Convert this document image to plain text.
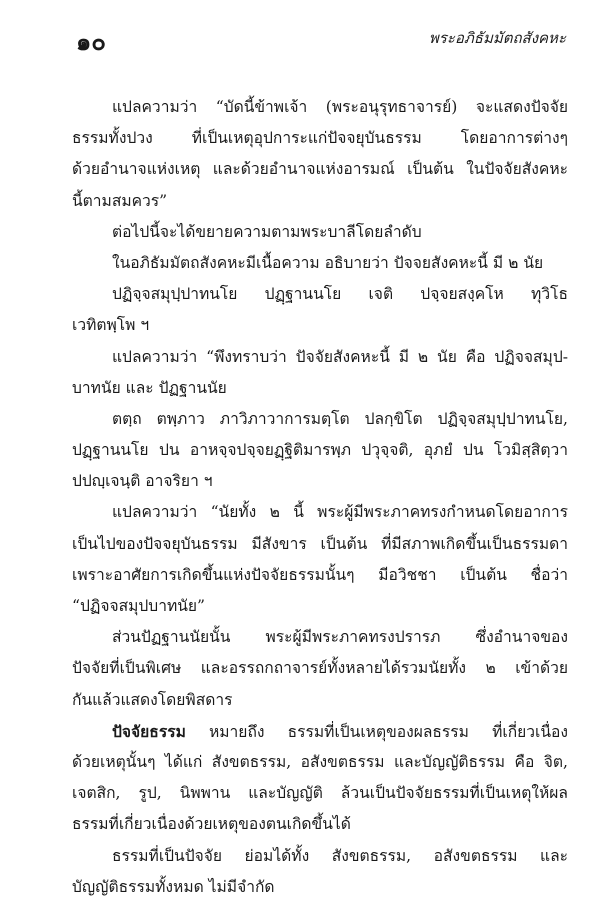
๑๐	พระอภิธัมมัตถสังคหะ
แปลความว่า “บัดนี้ข้าพเจ้า (พระอนุรุทธาจารย์) จะแสดงปัจจัย
ธรรมทั้งปวง ที่เป็นเหตุอุปการะแก่ปัจจยุบันธรรม โดยอาการต่างๆ
ด้วยอำนาจแห่งเหตุ และด้วยอำนาจแห่งอารมณ์ เป็นต้น ในปัจจัยสังคหะ
นี้ตามสมควร”
ต่อไปนี้จะได้ขยายความตามพระบาลีโดยลำดับ
ในอภิธัมมัตถสังคหะมีเนื้อความ อธิบายว่า ปัจจยสังคหะนี้ มี ๒ นัย
ปฏิจฺจสมุปฺปาทนโย ปฏฺฐานนโย เจติ ปจฺจยสงฺคโห ทุวิโธ
เวทิตพฺโพ ฯ
แปลความว่า “พึงทราบว่า ปัจจัยสังคหะนี้ มี ๒ นัย คือ ปฏิจจสมุป-
บาทนัย และ ปัฏฐานนัย
ตตฺถ ตพฺภาว ภาวิภาวาการมตฺโต ปลกฺขิโต ปฏิจฺจสมุปฺปาทนโย,
ปฏฺฐานนโย ปน อาหจฺจปจฺจยฏฺฐิติมารพฺภ ปวุจฺจติ, อุภยํ ปน โวมิสฺสิตฺวา
ปปญฺเจนฺติ อาจริยา ฯ
แปลความว่า “นัยทั้ง ๒ นี้ พระผู้มีพระภาคทรงกำหนดโดยอาการ
เป็นไปของปัจจยุบันธรรม มีสังขาร เป็นต้น ที่มีสภาพเกิดขึ้นเป็นธรรมดา
เพราะอาศัยการเกิดขึ้นแห่งปัจจัยธรรมนั้นๆ มีอวิชชา เป็นต้น ชื่อว่า
“ปฏิจจสมุปบาทนัย”
ส่วนปัฏฐานนัยนั้น พระผู้มีพระภาคทรงปรารภ ซึ่งอำนาจของ
ปัจจัยที่เป็นพิเศษ และอรรถกถาจารย์ทั้งหลายได้รวมนัยทั้ง ๒ เข้าด้วย
กันแล้วแสดงโดยพิสดาร
ปัจจัยธรรม หมายถึง ธรรมที่เป็นเหตุของผลธรรม ที่เกี่ยวเนื่อง
ด้วยเหตุนั้นๆ ได้แก่ สังขตธรรม, อสังขตธรรม และบัญญัติธรรม คือ จิต,
เจตสิก, รูป, นิพพาน และบัญญัติ ล้วนเป็นปัจจัยธรรมที่เป็นเหตุให้ผล
ธรรมที่เกี่ยวเนื่องด้วยเหตุของตนเกิดขึ้นได้
ธรรมที่เป็นปัจจัย ย่อมได้ทั้ง สังขตธรรม, อสังขตธรรม และ
บัญญัติธรรมทั้งหมด ไม่มีจำกัด
